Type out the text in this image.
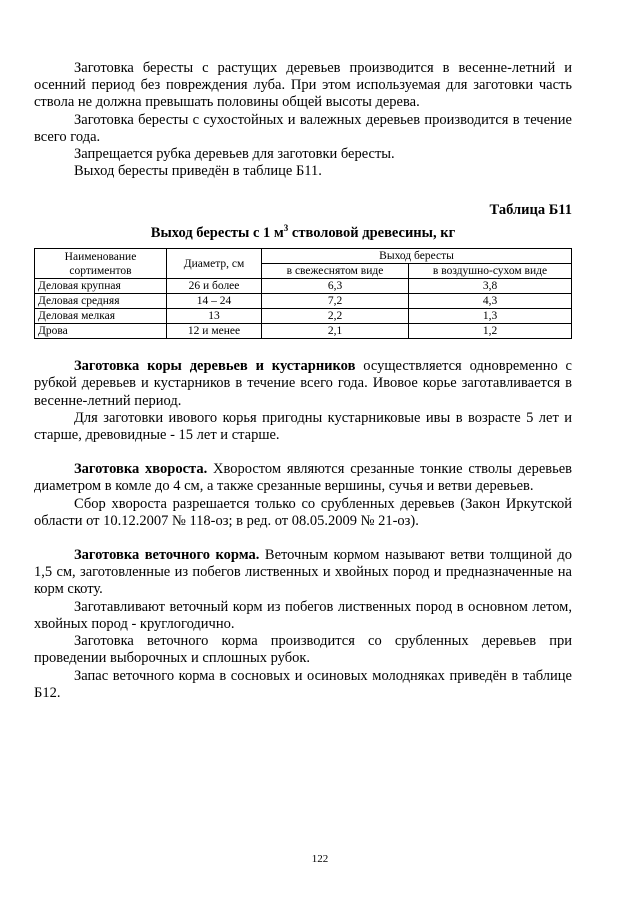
Заготовка бересты с растущих деревьев производится в весенне-летний и осенний период без повреждения луба. При этом используемая для заготовки часть ствола не должна превышать половины общей высоты дерева.

Заготовка бересты с сухостойных и валежных деревьев производится в течение всего года.

Запрещается рубка деревьев для заготовки бересты.

Выход бересты приведён в таблице Б11.

Таблица Б11
Выход бересты с 1 $м^3$ стволовой древесины, кг
Наименование сортиментов	Диаметр, см	Выход бересты	
		в свежеснятом виде	в воздушно-сухом виде
Деловая крупная	26 и более	6,3	3,8
Деловая средняя	14 – 24	7,2	4,3
Деловая мелкая	13	2,2	1,3
Дрова	12 и менее	2,1	1,2

Заготовка коры деревьев и кустарников осуществляется одновременно с рубкой деревьев и кустарников в течение всего года. Ивовое корье заготавливается в весенне-летний период.

Для заготовки ивового корья пригодны кустарниковые ивы в возрасте 5 лет и старше, древовидные - 15 лет и старше.

Заготовка хвороста. Хворостом являются срезанные тонкие стволы деревьев диаметром в комле до 4 см, а также срезанные вершины, сучья и ветви деревьев.

Сбор хвороста разрешается только со срубленных деревьев (Закон Иркутской области от 10.12.2007 № 118-оз; в ред. от 08.05.2009 № 21-оз).

Заготовка веточного корма. Веточным кормом называют ветви толщиной до 1,5 см, заготовленные из побегов лиственных и хвойных пород и предназначенные на корм скоту.

Заготавливают веточный корм из побегов лиственных пород в основном летом, хвойных пород - круглогодично.

Заготовка веточного корма производится со срубленных деревьев при проведении выборочных и сплошных рубок.

Запас веточного корма в сосновых и осиновых молодняках приведён в таблице Б12.

122
